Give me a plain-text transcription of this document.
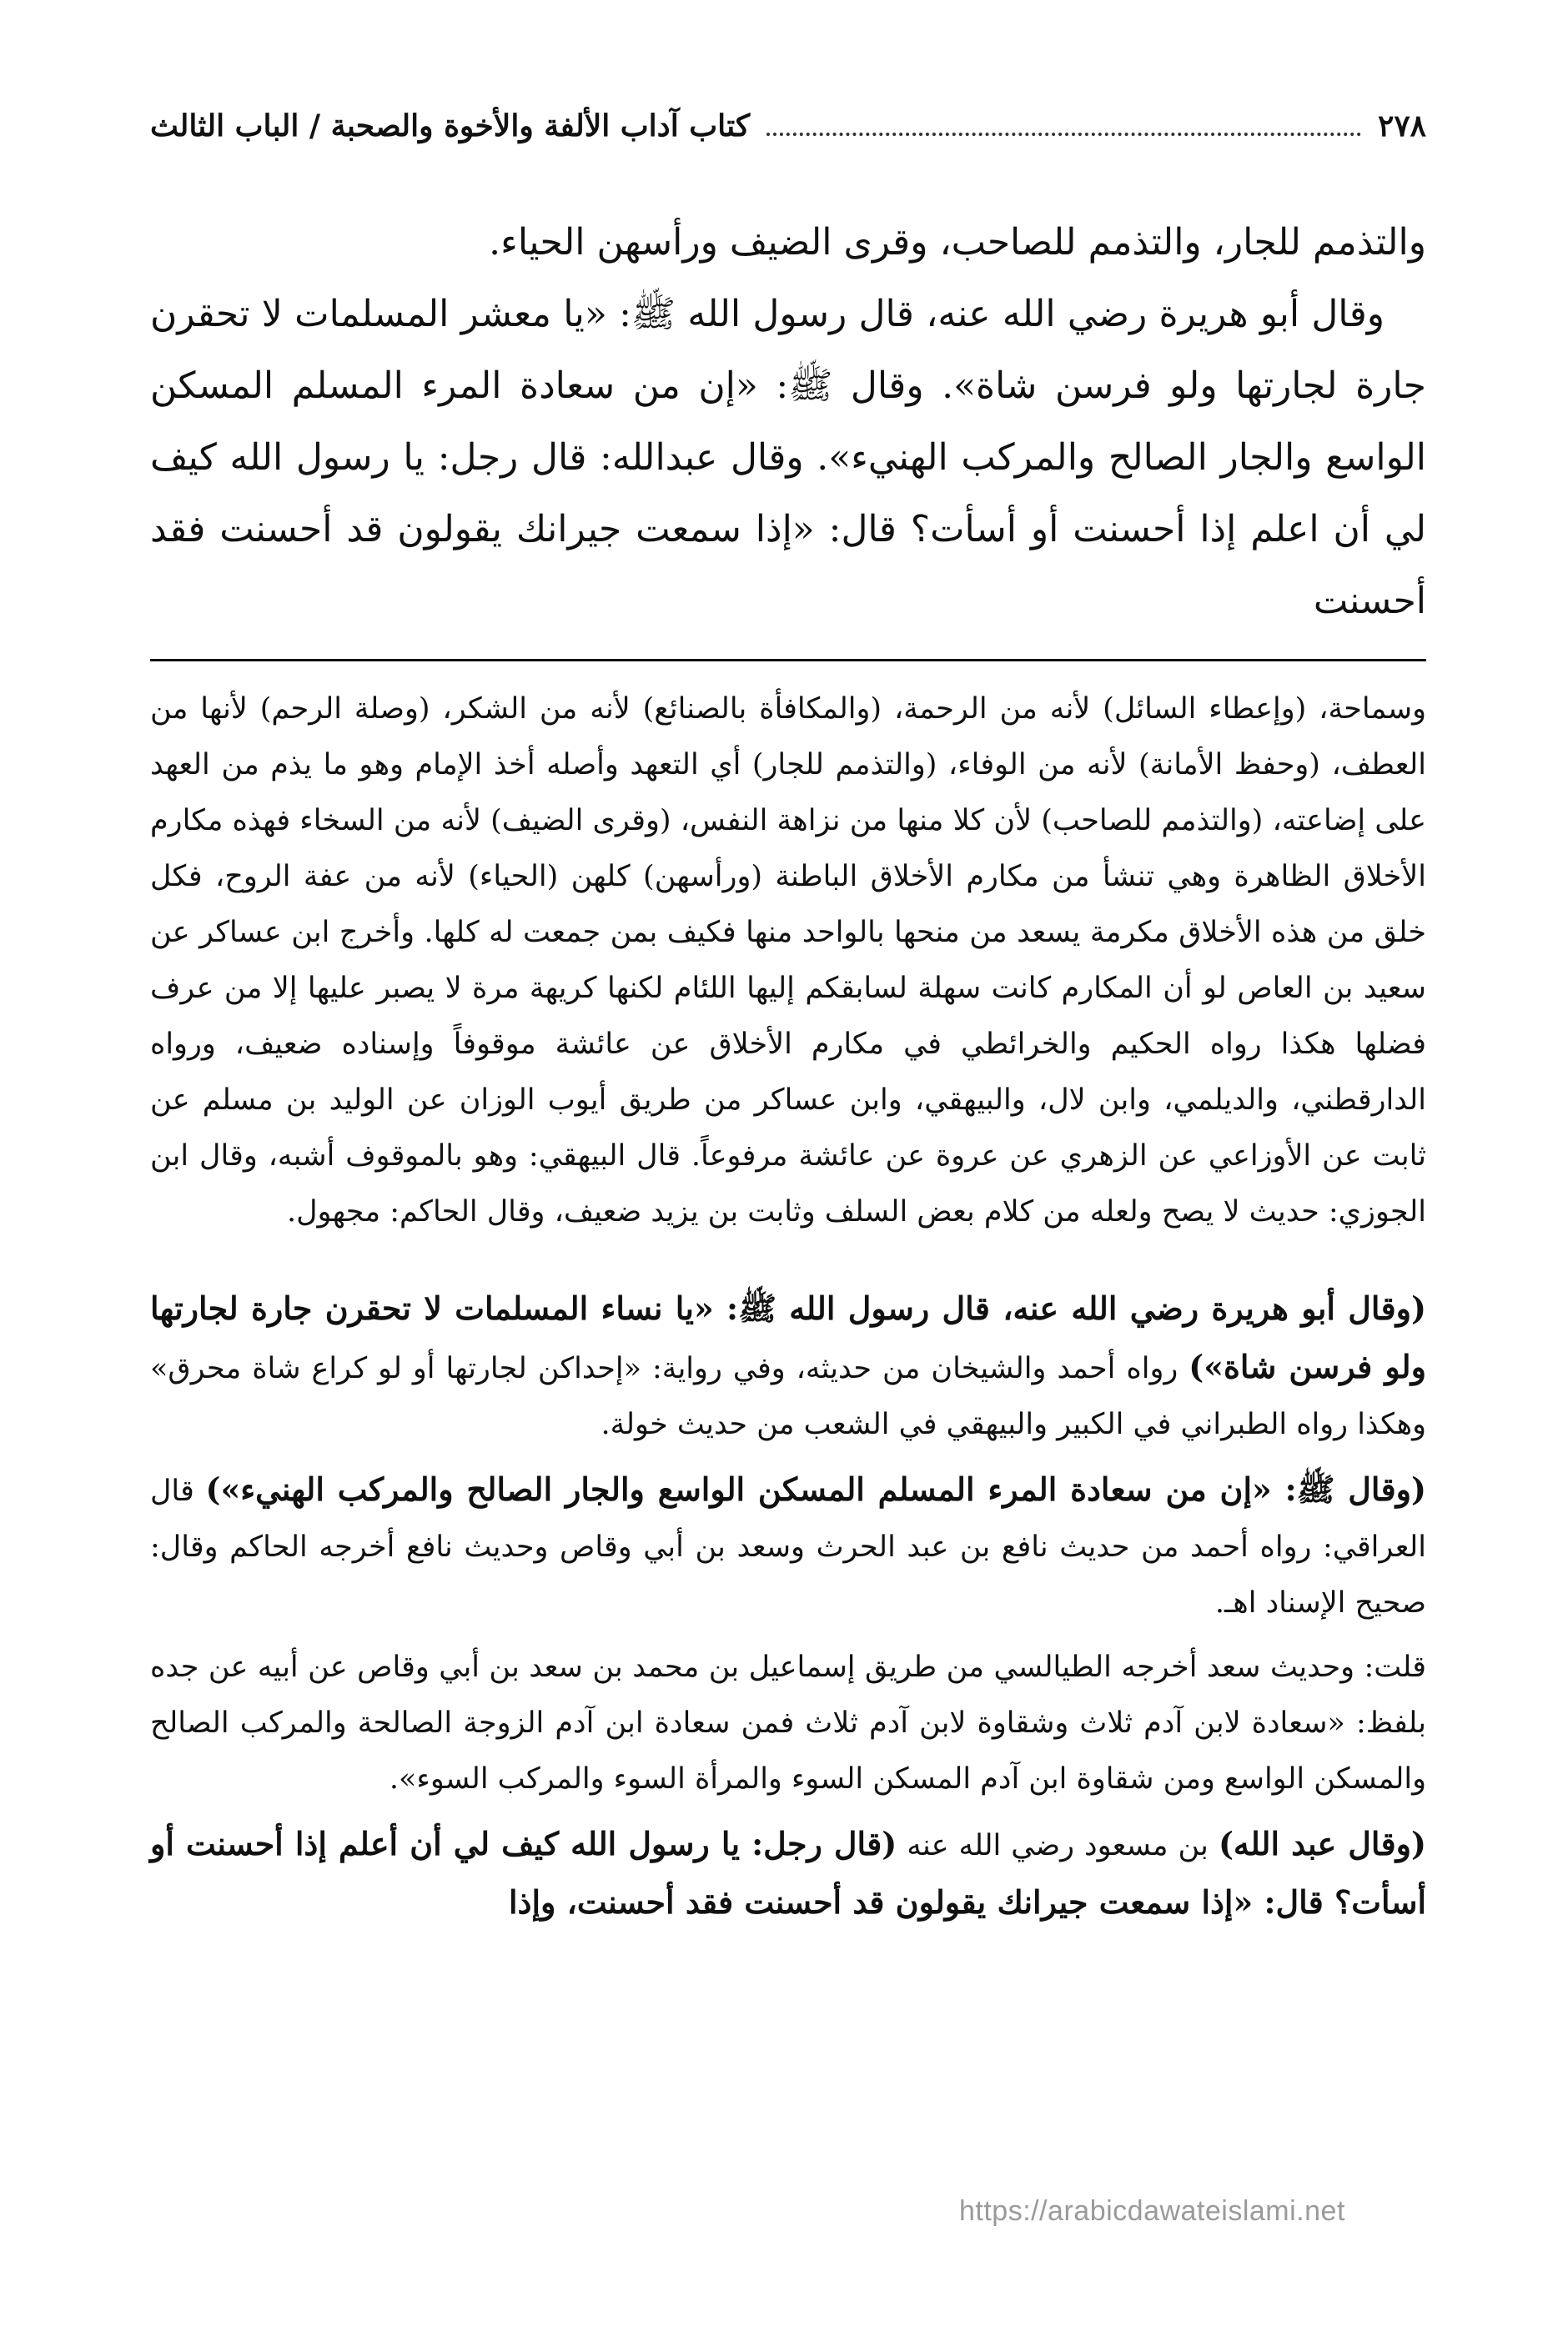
٢٧٨
كتاب آداب الألفة والأخوة والصحبة / الباب الثالث

والتذمم للجار، والتذمم للصاحب، وقرى الضيف ورأسهن الحياء.

وقال أبو هريرة رضي الله عنه، قال رسول الله ﷺ: «يا معشر المسلمات لا تحقرن جارة لجارتها ولو فرسن شاة». وقال ﷺ: «إن من سعادة المرء المسلم المسكن الواسع والجار الصالح والمركب الهنيء». وقال عبدالله: قال رجل: يا رسول الله كيف لي أن اعلم إذا أحسنت أو أسأت؟ قال: «إذا سمعت جيرانك يقولون قد أحسنت فقد أحسنت

وسماحة، (وإعطاء السائل) لأنه من الرحمة، (والمكافأة بالصنائع) لأنه من الشكر، (وصلة الرحم) لأنها من العطف، (وحفظ الأمانة) لأنه من الوفاء، (والتذمم للجار) أي التعهد وأصله أخذ الإمام وهو ما يذم من العهد على إضاعته، (والتذمم للصاحب) لأن كلا منها من نزاهة النفس، (وقرى الضيف) لأنه من السخاء فهذه مكارم الأخلاق الظاهرة وهي تنشأ من مكارم الأخلاق الباطنة (ورأسهن) كلهن (الحياء) لأنه من عفة الروح، فكل خلق من هذه الأخلاق مكرمة يسعد من منحها بالواحد منها فكيف بمن جمعت له كلها. وأخرج ابن عساكر عن سعيد بن العاص لو أن المكارم كانت سهلة لسابقكم إليها اللئام لكنها كريهة مرة لا يصبر عليها إلا من عرف فضلها هكذا رواه الحكيم والخرائطي في مكارم الأخلاق عن عائشة موقوفاً وإسناده ضعيف، ورواه الدارقطني، والديلمي، وابن لال، والبيهقي، وابن عساكر من طريق أيوب الوزان عن الوليد بن مسلم عن ثابت عن الأوزاعي عن الزهري عن عروة عن عائشة مرفوعاً. قال البيهقي: وهو بالموقوف أشبه، وقال ابن الجوزي: حديث لا يصح ولعله من كلام بعض السلف وثابت بن يزيد ضعيف، وقال الحاكم: مجهول.

(وقال أبو هريرة رضي الله عنه، قال رسول الله ﷺ: «يا نساء المسلمات لا تحقرن جارة لجارتها ولو فرسن شاة») رواه أحمد والشيخان من حديثه، وفي رواية: «إحداكن لجارتها أو لو كراع شاة محرق» وهكذا رواه الطبراني في الكبير والبيهقي في الشعب من حديث خولة.

(وقال ﷺ: «إن من سعادة المرء المسلم المسكن الواسع والجار الصالح والمركب الهنيء») قال العراقي: رواه أحمد من حديث نافع بن عبد الحرث وسعد بن أبي وقاص وحديث نافع أخرجه الحاكم وقال: صحيح الإسناد اهـ.

قلت: وحديث سعد أخرجه الطيالسي من طريق إسماعيل بن محمد بن سعد بن أبي وقاص عن أبيه عن جده بلفظ: «سعادة لابن آدم ثلاث وشقاوة لابن آدم ثلاث فمن سعادة ابن آدم الزوجة الصالحة والمركب الصالح والمسكن الواسع ومن شقاوة ابن آدم المسكن السوء والمرأة السوء والمركب السوء».

(وقال عبد الله) بن مسعود رضي الله عنه (قال رجل: يا رسول الله كيف لي أن أعلم إذا أحسنت أو أسأت؟ قال: «إذا سمعت جيرانك يقولون قد أحسنت فقد أحسنت، وإذا

https://arabicdawateislami.net
